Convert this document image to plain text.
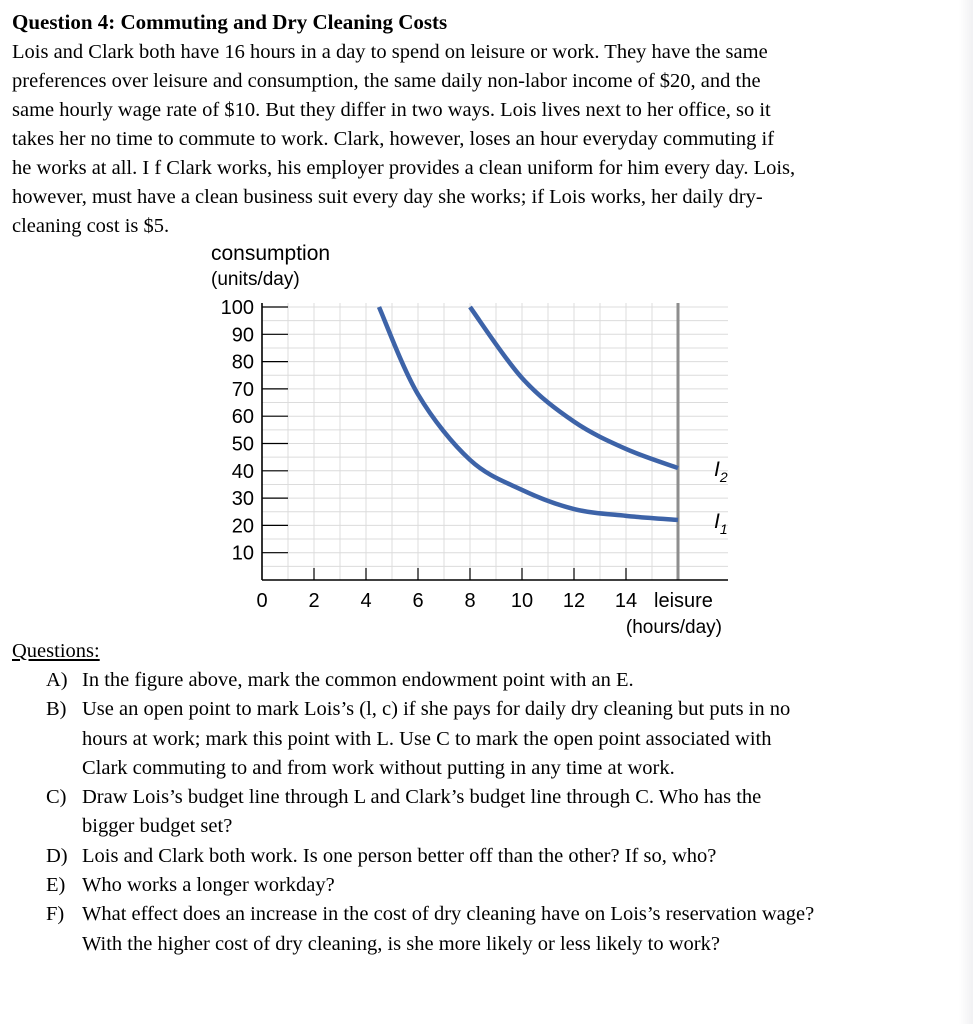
Question 4: Commuting and Dry Cleaning Costs
Lois and Clark both have 16 hours in a day to spend on leisure or work. They have the same
preferences over leisure and consumption, the same daily non-labor income of $20, and the
same hourly wage rate of $10. But they differ in two ways. Lois lives next to her office, so it
takes her no time to commute to work. Clark, however, loses an hour everyday commuting if
he works at all. I f Clark works, his employer provides a clean uniform for him every day. Lois,
however, must have a clean business suit every day she works; if Lois works, her daily dry-
cleaning cost is $5.
100
90
80
70
60
50
40
30
20
10
0 2 4 6 8 10 12 14
consumption
(units/day)
leisure
(hours/day)
$I_1$
$I_2$

Questions:

A) In the figure above, mark the common endowment point with an E.
B) Use an open point to mark Lois’s (l, c) if she pays for daily dry cleaning but puts in no
hours at work; mark this point with L. Use C to mark the open point associated with
Clark commuting to and from work without putting in any time at work.
C) Draw Lois’s budget line through L and Clark’s budget line through C. Who has the
bigger budget set?
D) Lois and Clark both work. Is one person better off than the other? If so, who?
E) Who works a longer workday?
F) What effect does an increase in the cost of dry cleaning have on Lois’s reservation wage?
With the higher cost of dry cleaning, is she more likely or less likely to work?
